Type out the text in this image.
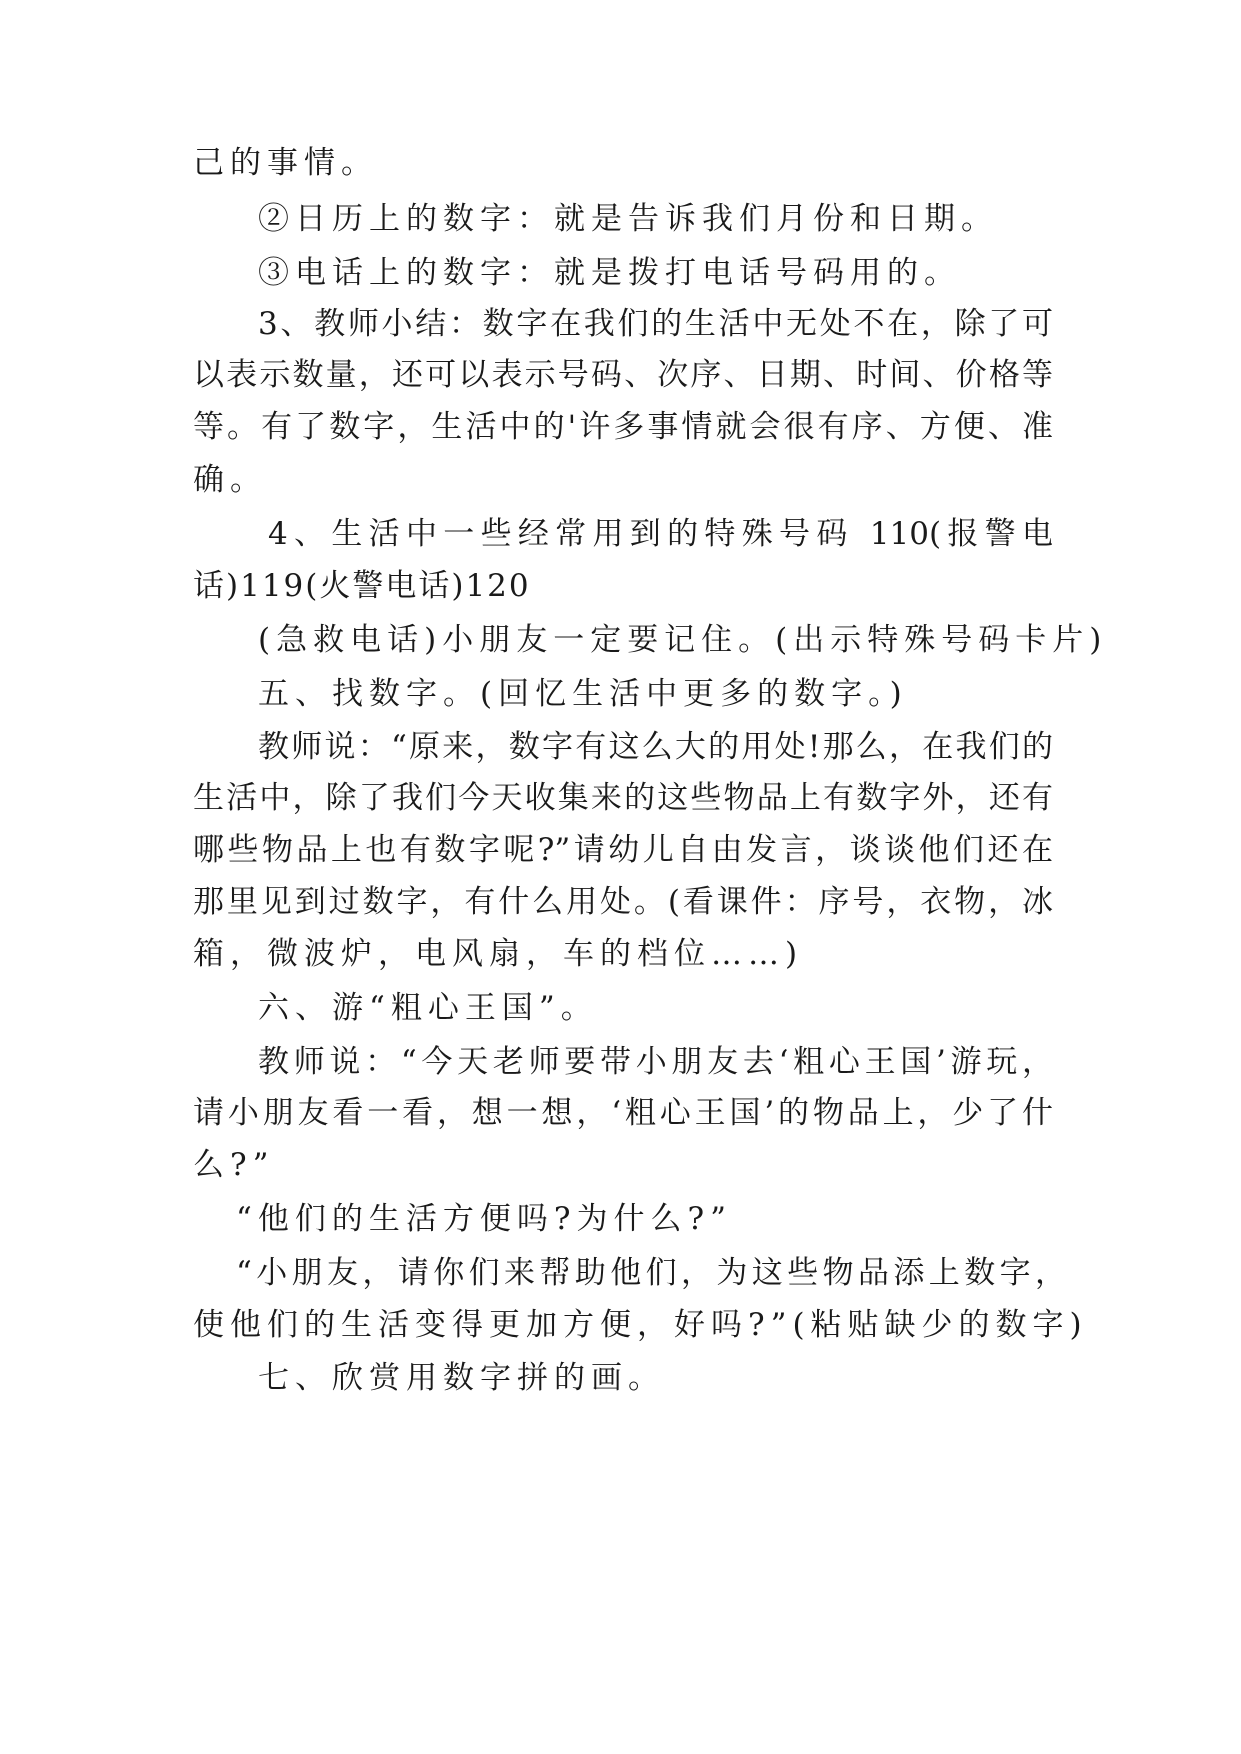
己的事情。
②日历上的数字：就是告诉我们月份和日期。
③电话上的数字：就是拨打电话号码用的。
3、教师小结：数字在我们的生活中无处不在，除了可
以表示数量，还可以表示号码、次序、日期、时间、价格等
等。有了数字，生活中的'许多事情就会很有序、方便、准
确。
4、生活中一些经常用到的特殊号码 110(报警电
话)119(火警电话)120
(急救电话)小朋友一定要记住。(出示特殊号码卡片)
五、找数字。(回忆生活中更多的数字。)
教师说：“原来，数字有这么大的用处!那么，在我们的
生活中，除了我们今天收集来的这些物品上有数字外，还有
哪些物品上也有数字呢?”请幼儿自由发言，谈谈他们还在
那里见到过数字，有什么用处。(看课件：序号，衣物，冰
箱，微波炉，电风扇，车的档位……)
六、游“粗心王国”。
教师说：“今天老师要带小朋友去‘粗心王国’游玩，
请小朋友看一看，想一想，‘粗心王国’的物品上，少了什
么?”
“他们的生活方便吗?为什么?”
“小朋友，请你们来帮助他们，为这些物品添上数字，
使他们的生活变得更加方便，好吗?”(粘贴缺少的数字)
七、欣赏用数字拼的画。
